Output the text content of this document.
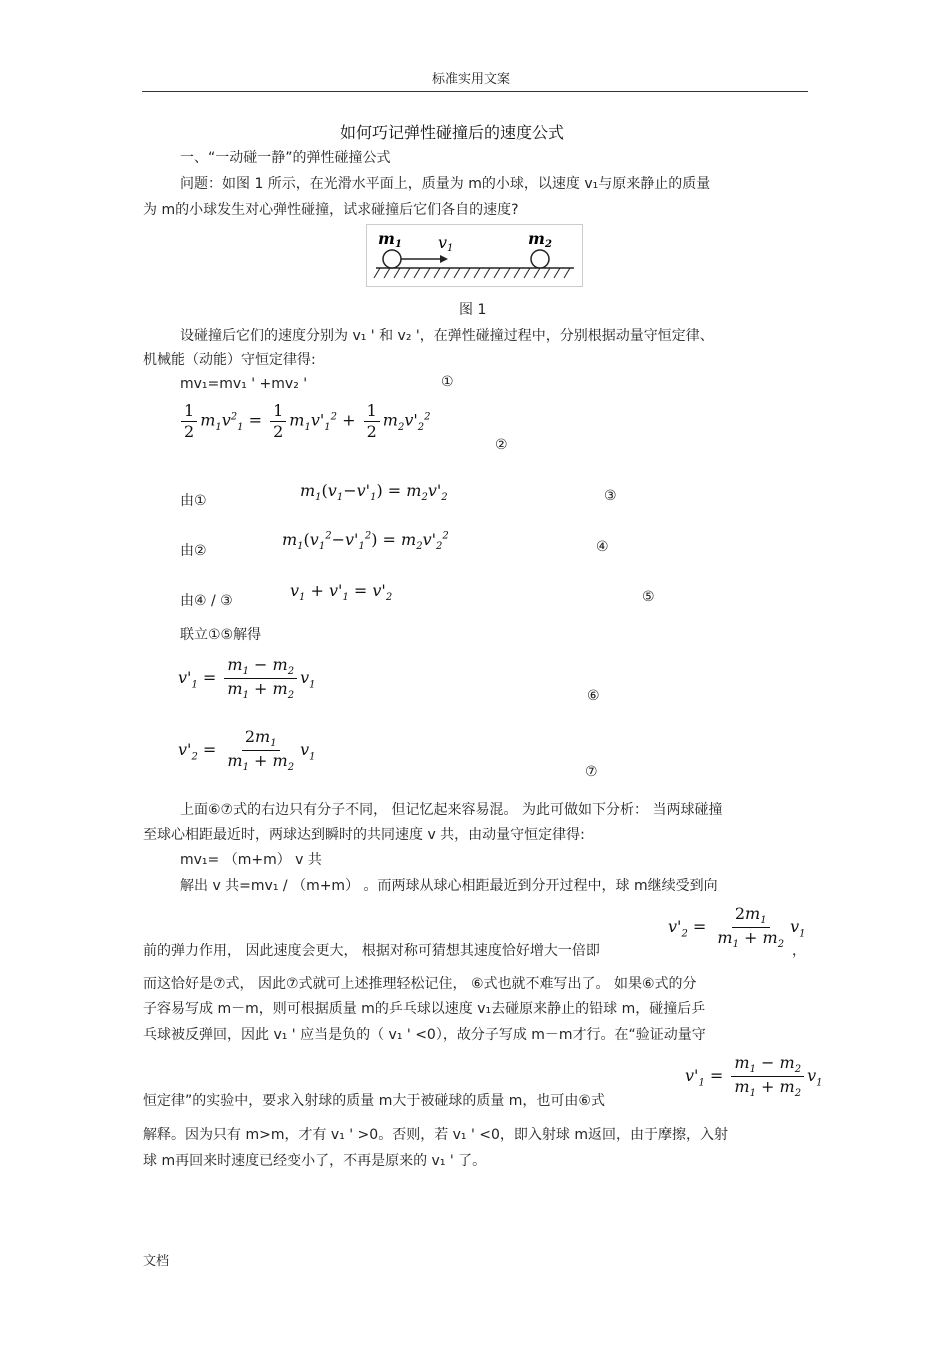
标准实用文案
如何巧记弹性碰撞后的速度公式
一、“一动碰一静”的弹性碰撞公式
问题：如图 1 所示，在光滑水平面上，质量为 m的小球，以速度 v₁与原来静止的质量
为 m的小球发生对心弹性碰撞，试求碰撞后它们各自的速度?
m1 v1
m2
图 1
设碰撞后它们的速度分别为 v₁ ' 和 v₂ '，在弹性碰撞过程中，分别根据动量守恒定律、
机械能（动能）守恒定律得:
mv₁=mv₁ ' +mv₂ '	①
$\frac{1}{2} m_1v^2_1 = \frac{1}{2} m_1v'_1^2 + \frac{1}{2} m_2v'_2^2$
②
由①
$m_1(v_1-v'_1) = m_2v'_2$	③
由②
$m_1(v_1^2-v'_1^2) = m_2v'_2^2$
④
由④ / ③
$v_1 + v'_1 = v'_2$	⑤
联立①⑤解得
$v'_1 = \frac{m_1 - m_2}{m_1 + m_2} v_1$
⑥
$v'_2 = \frac{2m_1}{m_1 + m_2} v_1$
⑦
上面⑥⑦式的右边只有分子不同， 但记忆起来容易混。 为此可做如下分析： 当两球碰撞
至球心相距最近时，两球达到瞬时的共同速度 v 共，由动量守恒定律得:
mv₁= （m+m） v 共
解出 v 共=mv₁ / （m+m） 。而两球从球心相距最近到分开过程中，球 m继续受到向
$v'_2 = \frac{2m_1}{m_1 + m_2} v_1$
前的弹力作用， 因此速度会更大， 根据对称可猜想其速度恰好增大一倍即	，
而这恰好是⑦式， 因此⑦式就可上述推理轻松记住， ⑥式也就不难写出了。 如果⑥式的分
子容易写成 m－m，则可根据质量 m的乒乓球以速度 v₁去碰原来静止的铅球 m，碰撞后乒
乓球被反弹回，因此 v₁ ' 应当是负的（ v₁ ' <0），故分子写成 m－m才行。在“验证动量守
$v'_1 = \frac{m_1 - m_2}{m_1 + m_2} v_1$
恒定律”的实验中，要求入射球的质量 m大于被碰球的质量 m，也可由⑥式
解释。因为只有 m>m，才有 v₁ ' >0。否则，若 v₁ ' <0，即入射球 m返回，由于摩擦，入射
球 m再回来时速度已经变小了，不再是原来的 v₁ ' 了。
文档
